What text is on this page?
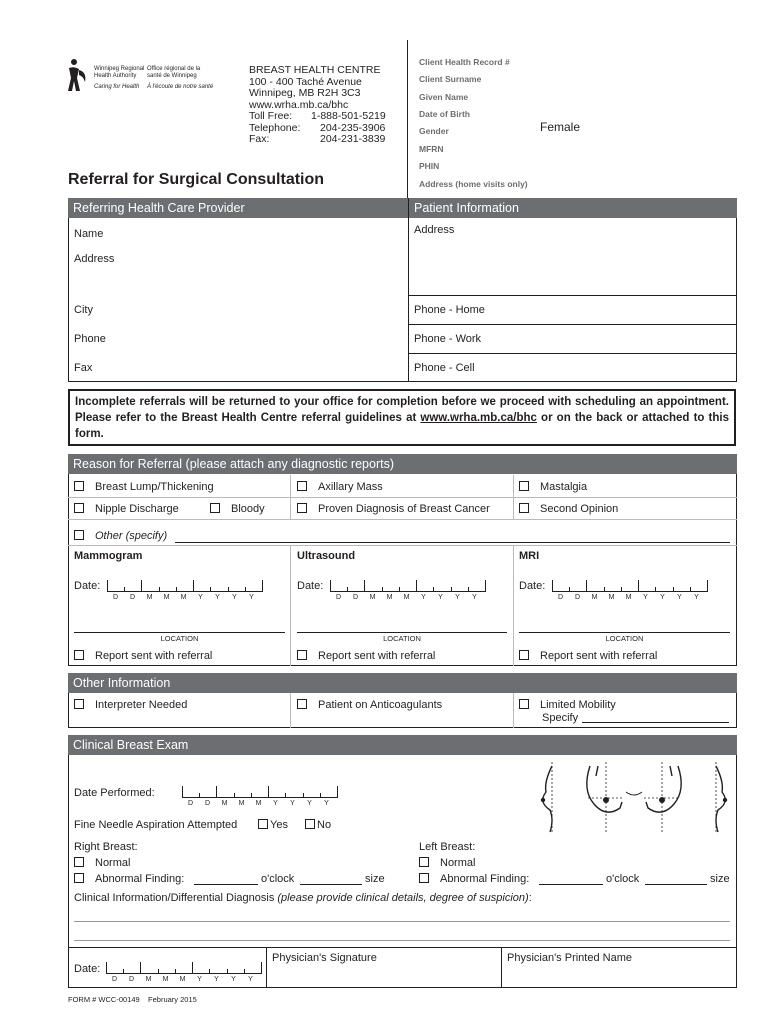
Winnipeg Regional
Health Authority
Office régional de la
santé de Winnipeg
Caring for Health À l'écoute de notre santé
BREAST HEALTH CENTRE
100 - 400 Taché Avenue
Winnipeg, MB R2H 3C3
www.wrha.mb.ca/bhc
Toll Free: 1-888-501-5219
Telephone: 204-235-3906
Fax:	204-231-3839
Referral for Surgical Consultation
Client Health Record #
Client Surname
Given Name
Date of Birth
Gender	Female
MFRN
PHIN
Address (home visits only)
Referring Health Care Provider	Patient Information
Name
Address
City
Phone
Fax
Address
Phone - Home
Phone - Work
Phone - Cell
Incomplete referrals will be returned to your office for completion before we proceed with scheduling an appointment. Please refer to the Breast Health Centre referral guidelines at www.wrha.mb.ca/bhc or on the back or attached to this form.
Reason for Referral (please attach any diagnostic reports)
Breast Lump/Thickening	Axillary Mass	Mastalgia
Nipple Discharge	Bloody	Proven Diagnosis of Breast Cancer	Second Opinion
Other (specify)
Mammogram	Ultrasound	MRI
Date:	Date:	Date:
D D M M M Y Y Y Y	D D M M M Y Y Y Y	D D M M M Y Y Y Y
LOCATION	LOCATION	LOCATION
Report sent with referral	Report sent with referral	Report sent with referral
Other Information
Interpreter Needed	Patient on Anticoagulants	Limited Mobility
Specify
Clinical Breast Exam
Date Performed:
D D M M M Y Y Y Y
Fine Needle Aspiration Attempted	Yes	No
Right Breast:	Left Breast:
Normal	Normal
Abnormal Finding:	o'clock	size	Abnormal Finding:	o'clock	size
Clinical Information/Differential Diagnosis (please provide clinical details, degree of suspicion):
Date:
D D M M M Y Y Y Y
Physician's Signature	Physician's Printed Name
FORM # WCC-00149 February 2015
